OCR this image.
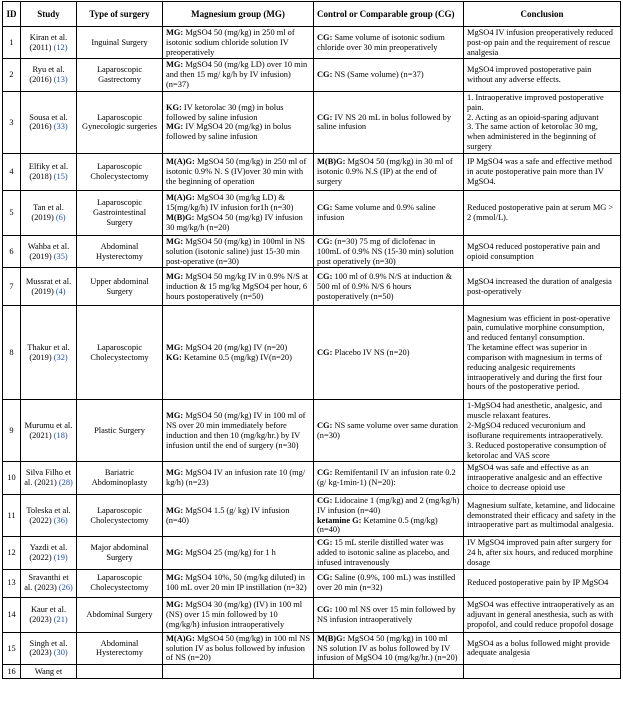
ID	Study	Type of surgery	Magnesium group (MG)	Control or Comparable group (CG)	Conclusion
1	Kiran et al. (2011) (12)	Inguinal Surgery	MG: MgSO4 50 (mg/kg) in 250 ml of isotonic sodium chloride solution IV preoperatively	CG: Same volume of isotonic sodium chloride over 30 min preoperatively	MgSO4 IV infusion preoperatively reduced post-op pain and the requirement of rescue analgesia

2	Ryu et al. (2016) (13)	Laparoscopic Gastrectomy	MG: MgSO4 50 (mg/kg LD) over 10 min and then 15 mg/ kg/h by IV infusion)(n=37)	CG: NS (Same volume) (n=37)	MgSO4 improved postoperative pain without any adverse effects.

3	Sousa et al. (2016) (33)	Laparoscopic Gynecologic surgeries	KG: IV ketorolac 30 (mg) in bolus followed by saline infusion
MG: IV MgSO4 20 (mg/kg) in bolus followed by saline infusion	CG: IV NS 20 mL in bolus followed by saline infusion	1. Intraoperative improved postoperative pain.
2. Acting as an opioid-sparing adjuvant
3. The same action of ketorolac 30 mg, when administered in the beginning of surgery

4	Elfiky et al. (2018) (15)	Laparoscopic Cholecystectomy	M(A)G: MgSO4 50 (mg/kg) in 250 ml of isotonic 0.9% N. S (IV)over 30 min with the beginning of operation	M(B)G: MgSO4 50 (mg/kg) in 30 ml of isotonic 0.9% N.S (IP) at the end of surgery	IP MgSO4 was a safe and effective method in acute postoperative pain more than IV MgSO4.

5	Tan et al. (2019) (6)	Laparoscopic Gastrointestinal Surgery	M(A)G: MgSO4 30 (mg/kg LD) & 15(mg/kg/h) IV infusion for1h (n=30)
M(B)G: MgSO4 50 (mg/kg) IV infusion 30 mg/kg/h (n=20)	CG: Same volume and 0.9% saline infusion	Reduced postoperative pain at serum MG > 2 (mmol/L).

6	Wahba et al. (2019) (35)	Abdominal Hysterectomy	MG: MgSO4 50 (mg/kg) in 100ml in NS solution (isotonic saline) just 15-30 min post-operative (n=30)	CG: (n=30) 75 mg of diclofenac in 100mL of 0.9% NS (15-30 min) solution post operatively (n=30)	MgSO4 reduced postoperative pain and opioid consumption

7	Mussrat et al. (2019) (4)	Upper abdominal Surgery	MG: MgSO4 50 mg/kg IV in 0.9% N/S at induction & 15 mg/kg MgSO4 per hour, 6 hours postoperatively (n=50)	CG: 100 ml of 0.9% N/S at induction & 500 ml of 0.9% N/S 6 hours postoperatively (n=50)	MgSO4 increased the duration of analgesia post-operatively

8	Thakur et al. (2019) (32)	Laparoscopic Cholecystectomy	MG: MgSO4 20 (mg/kg) IV (n=20)
KG: Ketamine 0.5 (mg/kg) IV(n=20)	CG: Placebo IV NS (n=20)	Magnesium was efficient in post-operative pain, cumulative morphine consumption, and reduced fentanyl consumption.
The ketamine effect was superior in comparison with magnesium in terms of reducing analgesic requirements intraoperatively and during the first four hours of the postoperative period.

9	Murumu et al. (2021) (18)	Plastic Surgery	MG: MgSO4 50 (mg/kg) IV in 100 ml of NS over 20 min immediately before induction and then 10 (mg/kg/hr.) by IV infusion until the end of surgery (n=30)	CG: NS same volume over same duration (n=30)	1-MgSO4 had anesthetic, analgesic, and muscle relaxant features.
2-MgSO4 reduced vecuronium and isoflurane requirements intraoperatively.
3. Reduced postoperative consumption of ketorolac and VAS score

10	Silva Filho et al. (2021) (28)	Bariatric Abdominoplasty	MG: MgSO4 IV an infusion rate 10 (mg/ kg/h) (n=23)	CG: Remifentanil IV an infusion rate 0.2 (g/ kg-1min-1) (N=20):	MgSO4 was safe and effective as an intraoperative analgesic and an effective choice to decrease opioid use

11	Toleska et al. (2022) (36)	Laparoscopic Cholecystectomy	MG: MgSO4 1.5 (g/ kg) IV infusion (n=40)	CG: Lidocaine 1 (mg/kg) and 2 (mg/kg/h) IV infusion (n=40)
ketamine G: Ketamine 0.5 (mg/kg) (n=40)	Magnesium sulfate, ketamine, and lidocaine demonstrated their efficacy and safety in the intraoperative part as multimodal analgesia.

12	Yazdi et al. (2022) (19)	Major abdominal Surgery	MG: MgSO4 25 (mg/kg) for 1 h	CG: 15 mL sterile distilled water was added to isotonic saline as placebo, and infused intravenously	IV MgSO4 improved pain after surgery for 24 h, after six hours, and reduced morphine dosage

13	Sravanthi et al. (2023) (26)	Laparoscopic Cholecystectomy	MG: MgSO4 10%, 50 (mg/kg diluted) in 100 mL over 20 min IP instillation (n=32)	CG: Saline (0.9%, 100 mL) was instilled over 20 min (n=32)	Reduced postoperative pain by IP MgSO4

14	Kaur et al. (2023) (21)	Abdominal Surgery	MG: MgSO4 30 (mg/kg) (IV) in 100 ml (NS) over 15 min followed by 10 (mg/kg/h) infusion intraoperatively	CG: 100 ml NS over 15 min followed by NS infusion intraoperatively	MgSO4 was effective intraoperatively as an adjuvant in general anesthesia, such as with propofol, and could reduce propofol dosage

15	Singh et al. (2023) (30)	Abdominal Hysterectomy	M(A)G: MgSO4 50 (mg/kg) in 100 ml NS solution IV as bolus followed by infusion of NS (n=20)	M(B)G: MgSO4 50 (mg/kg) in 100 ml NS solution IV as bolus followed by IV infusion of MgSO4 10 (mg/kg/hr.) (n=20)	MgSO4 as a bolus followed might provide adequate analgesia

16	Wang et				
